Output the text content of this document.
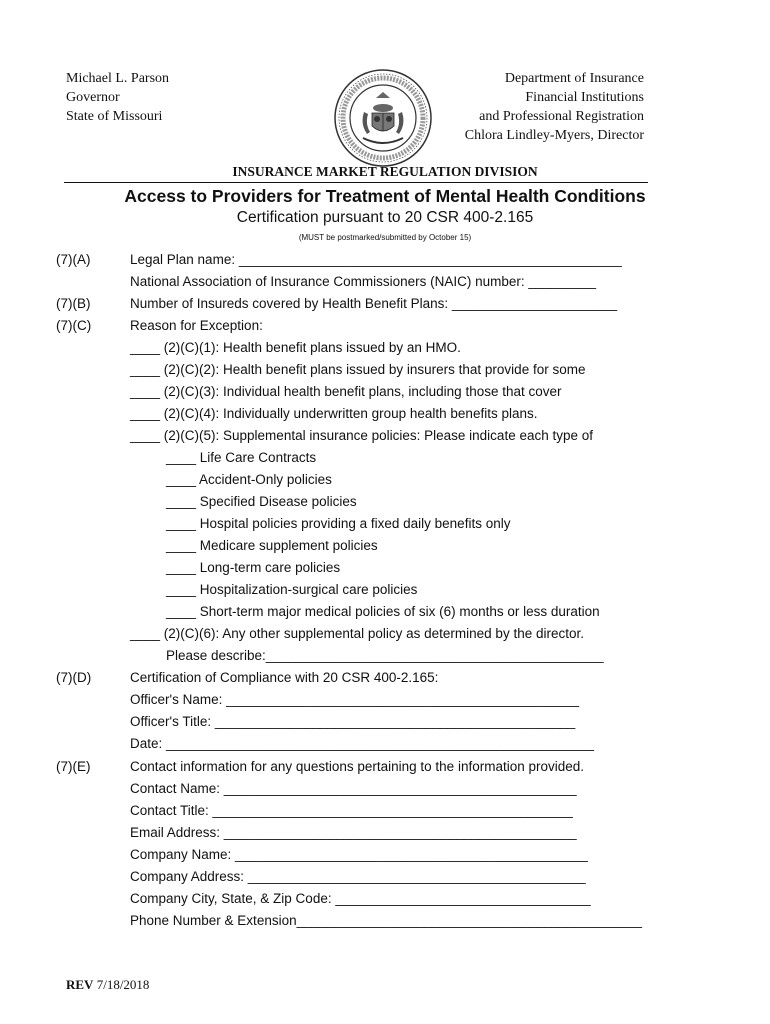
Michael L. Parson
Governor
State of Missouri
Department of Insurance
Financial Institutions
and Professional Registration
Chlora Lindley-Myers, Director
INSURANCE MARKET REGULATION DIVISION
Access to Providers for Treatment of Mental Health Conditions
Certification pursuant to 20 CSR 400-2.165
(MUST be postmarked/submitted by October 15)
(7)(A)
(7)(B)
(7)(C)
(7)(D)
(7)(E)
Legal Plan name: ___________________________________________________
National Association of Insurance Commissioners (NAIC) number: _________
Number of Insureds covered by Health Benefit Plans: ______________________
Reason for Exception:
____ (2)(C)(1): Health benefit plans issued by an HMO.
____ (2)(C)(2): Health benefit plans issued by insurers that provide for some
____ (2)(C)(3): Individual health benefit plans, including those that cover
____ (2)(C)(4): Individually underwritten group health benefits plans.
____ (2)(C)(5): Supplemental insurance policies: Please indicate each type of
____ Life Care Contracts
____ Accident-Only policies
____ Specified Disease policies
____ Hospital policies providing a fixed daily benefits only
____ Medicare supplement policies
____ Long-term care policies
____ Hospitalization-surgical care policies
____ Short-term major medical policies of six (6) months or less duration
____ (2)(C)(6): Any other supplemental policy as determined by the director.
Please describe:_____________________________________________
Certification of Compliance with 20 CSR 400-2.165:
Officer's Name: _______________________________________________
Officer's Title: ________________________________________________
Date: _________________________________________________________
Contact information for any questions pertaining to the information provided.
Contact Name: _______________________________________________
Contact Title: ________________________________________________
Email Address: _______________________________________________
Company Name: _______________________________________________
Company Address: _____________________________________________
Company City, State, & Zip Code: __________________________________
Phone Number & Extension______________________________________________
REV 7/18/2018
